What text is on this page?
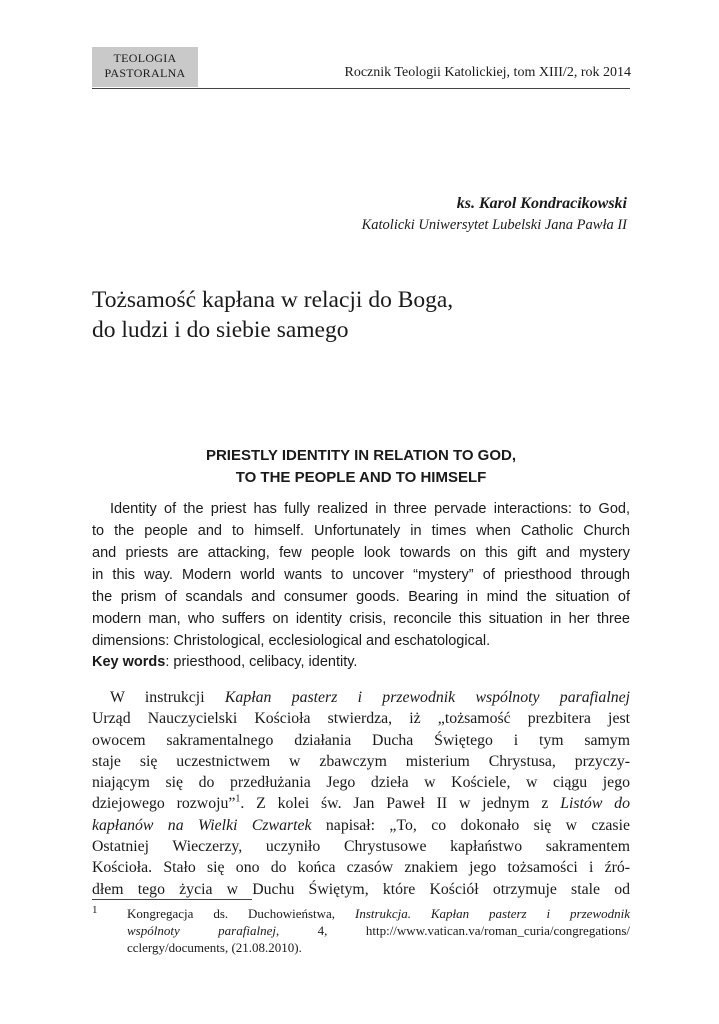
TEOLOGIA
PASTORALNA	Rocznik Teologii Katolickiej, tom XIII/2, rok 2014
ks. Karol Kondracikowski
Katolicki Uniwersytet Lubelski Jana Pawła II
Tożsamość kapłana w relacji do Boga,
do ludzi i do siebie samego
PRIESTLY IDENTITY IN RELATION TO GOD,
TO THE PEOPLE AND TO HIMSELF
Identity of the priest has fully realized in three pervade interactions: to God,
to the people and to himself. Unfortunately in times when Catholic Church
and priests are attacking, few people look towards on this gift and mystery
in this way. Modern world wants to uncover “mystery” of priesthood through
the prism of scandals and consumer goods. Bearing in mind the situation of
modern man, who suffers on identity crisis, reconcile this situation in her three
dimensions: Christological, ecclesiological and eschatological.
Key words: priesthood, celibacy, identity.
W instrukcji Kapłan pasterz i przewodnik wspólnoty parafialnej
Urząd Nauczycielski Kościoła stwierdza, iż „tożsamość prezbitera jest
owocem sakramentalnego działania Ducha Świętego i tym samym
staje się uczestnictwem w zbawczym misterium Chrystusa, przyczy-
niającym się do przedłużania Jego dzieła w Kościele, w ciągu jego
dziejowego rozwoju”$^1$. Z kolei św. Jan Paweł II w jednym z Listów do
kapłanów na Wielki Czwartek napisał: „To, co dokonało się w czasie
Ostatniej Wieczerzy, uczyniło Chrystusowe kapłaństwo sakramentem
Kościoła. Stało się ono do końca czasów znakiem jego tożsamości i źró-
dłem tego życia w Duchu Świętym, które Kościół otrzymuje stale od
1 Kongregacja ds. Duchowieństwa, Instrukcja. Kapłan pasterz i przewodnik
wspólnoty parafialnej, 4, http://www.vatican.va/roman_curia/congregations/
cclergy/documents, (21.08.2010).
